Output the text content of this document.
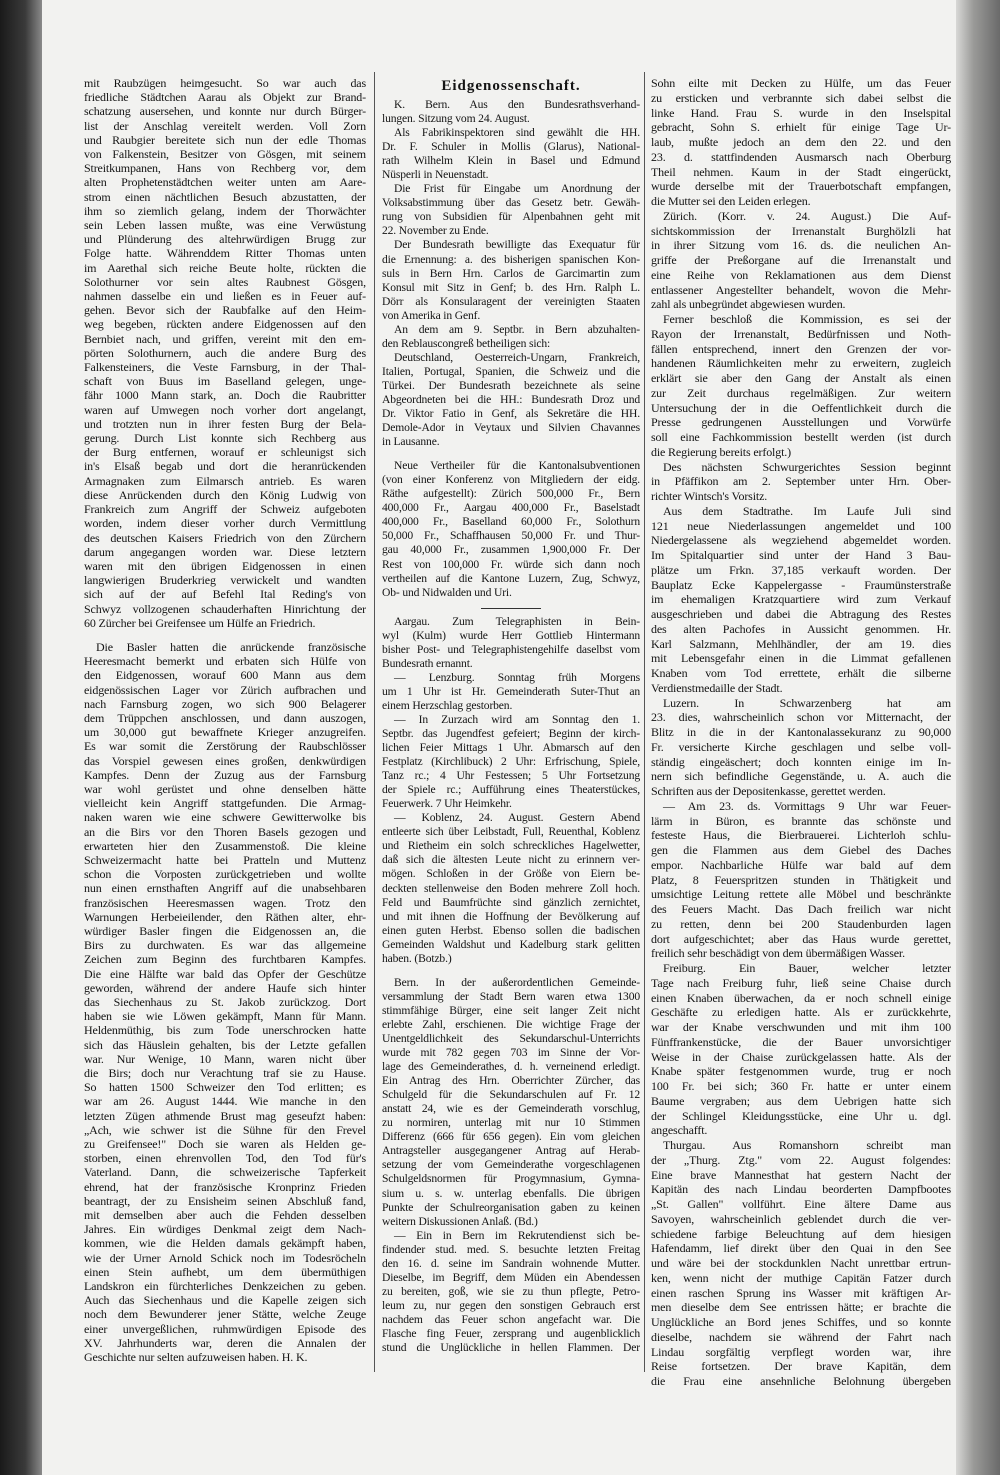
mit Raubzügen heimgesucht. So war auch das
friedliche Städtchen Aarau als Objekt zur Brand-
schatzung ausersehen, und konnte nur durch Bürger-
list der Anschlag vereitelt werden. Voll Zorn
und Raubgier bereitete sich nun der edle Thomas
von Falkenstein, Besitzer von Gösgen, mit seinem
Streitkumpanen, Hans von Rechberg vor, dem
alten Prophetenstädtchen weiter unten am Aare-
strom einen nächtlichen Besuch abzustatten, der
ihm so ziemlich gelang, indem der Thorwächter
sein Leben lassen mußte, was eine Verwüstung
und Plünderung des altehrwürdigen Brugg zur
Folge hatte. Währenddem Ritter Thomas unten
im Aarethal sich reiche Beute holte, rückten die
Solothurner vor sein altes Raubnest Gösgen,
nahmen dasselbe ein und ließen es in Feuer auf-
gehen. Bevor sich der Raubfalke auf den Heim-
weg begeben, rückten andere Eidgenossen auf den
Bernbiet nach, und griffen, vereint mit den em-
pörten Solothurnern, auch die andere Burg des
Falkensteiners, die Veste Farnsburg, in der Thal-
schaft von Buus im Baselland gelegen, unge-
fähr 1000 Mann stark, an. Doch die Raubritter
waren auf Umwegen noch vorher dort angelangt,
und trotzten nun in ihrer festen Burg der Bela-
gerung. Durch List konnte sich Rechberg aus
der Burg entfernen, worauf er schleunigst sich
in's Elsaß begab und dort die heranrückenden
Armagnaken zum Eilmarsch antrieb. Es waren
diese Anrückenden durch den König Ludwig von
Frankreich zum Angriff der Schweiz aufgeboten
worden, indem dieser vorher durch Vermittlung
des deutschen Kaisers Friedrich von den Zürchern
darum angegangen worden war. Diese letztern
waren mit den übrigen Eidgenossen in einen
langwierigen Bruderkrieg verwickelt und wandten
sich auf der auf Befehl Ital Reding's von
Schwyz vollzogenen schauderhaften Hinrichtung der
60 Zürcher bei Greifensee um Hülfe an Friedrich.
Die Basler hatten die anrückende französische
Heeresmacht bemerkt und erbaten sich Hülfe von
den Eidgenossen, worauf 600 Mann aus dem
eidgenössischen Lager vor Zürich aufbrachen und
nach Farnsburg zogen, wo sich 900 Belagerer
dem Trüppchen anschlossen, und dann auszogen,
um 30,000 gut bewaffnete Krieger anzugreifen.
Es war somit die Zerstörung der Raubschlösser
das Vorspiel gewesen eines großen, denkwürdigen
Kampfes. Denn der Zuzug aus der Farnsburg
war wohl gerüstet und ohne denselben hätte
vielleicht kein Angriff stattgefunden. Die Armag-
naken waren wie eine schwere Gewitterwolke bis
an die Birs vor den Thoren Basels gezogen und
erwarteten hier den Zusammenstoß. Die kleine
Schweizermacht hatte bei Pratteln und Muttenz
schon die Vorposten zurückgetrieben und wollte
nun einen ernsthaften Angriff auf die unabsehbaren
französischen Heeresmassen wagen. Trotz den
Warnungen Herbeieilender, den Räthen alter, ehr-
würdiger Basler fingen die Eidgenossen an, die
Birs zu durchwaten. Es war das allgemeine
Zeichen zum Beginn des furchtbaren Kampfes.
Die eine Hälfte war bald das Opfer der Geschütze
geworden, während der andere Haufe sich hinter
das Siechenhaus zu St. Jakob zurückzog. Dort
haben sie wie Löwen gekämpft, Mann für Mann.
Heldenmüthig, bis zum Tode unerschrocken hatte
sich das Häuslein gehalten, bis der Letzte gefallen
war. Nur Wenige, 10 Mann, waren nicht über
die Birs; doch nur Verachtung traf sie zu Hause.
So hatten 1500 Schweizer den Tod erlitten; es
war am 26. August 1444. Wie manche in den
letzten Zügen athmende Brust mag geseufzt haben:
„Ach, wie schwer ist die Sühne für den Frevel
zu Greifensee!" Doch sie waren als Helden ge-
storben, einen ehrenvollen Tod, den Tod für's
Vaterland. Dann, die schweizerische Tapferkeit
ehrend, hat der französische Kronprinz Frieden
beantragt, der zu Ensisheim seinen Abschluß fand,
mit demselben aber auch die Fehden desselben
Jahres. Ein würdiges Denkmal zeigt dem Nach-
kommen, wie die Helden damals gekämpft haben,
wie der Urner Arnold Schick noch im Todesröcheln
einen Stein aufhebt, um dem übermüthigen
Landskron ein fürchterliches Denkzeichen zu geben.
Auch das Siechenhaus und die Kapelle zeigen sich
noch dem Bewunderer jener Stätte, welche Zeuge
einer unvergeßlichen, ruhmwürdigen Episode des
XV. Jahrhunderts war, deren die Annalen der
Geschichte nur selten aufzuweisen haben. H. K.
Eidgenossenschaft.
K. Bern. Aus den Bundesrathsverhand-
lungen. Sitzung vom 24. August.
Als Fabrikinspektoren sind gewählt die HH.
Dr. F. Schuler in Mollis (Glarus), National-
rath Wilhelm Klein in Basel und Edmund
Nüsperli in Neuenstadt.
Die Frist für Eingabe um Anordnung der
Volksabstimmung über das Gesetz betr. Gewäh-
rung von Subsidien für Alpenbahnen geht mit
22. November zu Ende.
Der Bundesrath bewilligte das Exequatur für
die Ernennung: a. des bisherigen spanischen Kon-
suls in Bern Hrn. Carlos de Garcimartin zum
Konsul mit Sitz in Genf; b. des Hrn. Ralph L.
Dörr als Konsularagent der vereinigten Staaten
von Amerika in Genf.
An dem am 9. Septbr. in Bern abzuhalten-
den Reblauscongreß betheiligen sich:
Deutschland, Oesterreich-Ungarn, Frankreich,
Italien, Portugal, Spanien, die Schweiz und die
Türkei. Der Bundesrath bezeichnete als seine
Abgeordneten bei die HH.: Bundesrath Droz und
Dr. Viktor Fatio in Genf, als Sekretäre die HH.
Demole-Ador in Veytaux und Silvien Chavannes
in Lausanne.
Neue Vertheiler für die Kantonalsubventionen
(von einer Konferenz von Mitgliedern der eidg.
Räthe aufgestellt): Zürich 500,000 Fr., Bern
400,000 Fr., Aargau 400,000 Fr., Baselstadt
400,000 Fr., Baselland 60,000 Fr., Solothurn
50,000 Fr., Schaffhausen 50,000 Fr. und Thur-
gau 40,000 Fr., zusammen 1,900,000 Fr. Der
Rest von 100,000 Fr. würde sich dann noch
vertheilen auf die Kantone Luzern, Zug, Schwyz,
Ob- und Nidwalden und Uri.
Aargau. Zum Telegraphisten in Bein-
wyl (Kulm) wurde Herr Gottlieb Hintermann
bisher Post- und Telegraphistengehilfe daselbst vom
Bundesrath ernannt.
— Lenzburg. Sonntag früh Morgens
um 1 Uhr ist Hr. Gemeinderath Suter-Thut an
einem Herzschlag gestorben.
— In Zurzach wird am Sonntag den 1.
Septbr. das Jugendfest gefeiert; Beginn der kirch-
lichen Feier Mittags 1 Uhr. Abmarsch auf den
Festplatz (Kirchlibuck) 2 Uhr: Erfrischung, Spiele,
Tanz rc.; 4 Uhr Festessen; 5 Uhr Fortsetzung
der Spiele rc.; Aufführung eines Theaterstückes,
Feuerwerk. 7 Uhr Heimkehr.
— Koblenz, 24. August. Gestern Abend
entleerte sich über Leibstadt, Full, Reuenthal, Koblenz
und Rietheim ein solch schreckliches Hagelwetter,
daß sich die ältesten Leute nicht zu erinnern ver-
mögen. Schloßen in der Größe von Eiern be-
deckten stellenweise den Boden mehrere Zoll hoch.
Feld und Baumfrüchte sind gänzlich zernichtet,
und mit ihnen die Hoffnung der Bevölkerung auf
einen guten Herbst. Ebenso sollen die badischen
Gemeinden Waldshut und Kadelburg stark gelitten
haben. (Botzb.)
Bern. In der außerordentlichen Gemeinde-
versammlung der Stadt Bern waren etwa 1300
stimmfähige Bürger, eine seit langer Zeit nicht
erlebte Zahl, erschienen. Die wichtige Frage der
Unentgeldlichkeit des Sekundarschul-Unterrichts
wurde mit 782 gegen 703 im Sinne der Vor-
lage des Gemeinderathes, d. h. verneinend erledigt.
Ein Antrag des Hrn. Oberrichter Zürcher, das
Schulgeld für die Sekundarschulen auf Fr. 12
anstatt 24, wie es der Gemeinderath vorschlug,
zu normiren, unterlag mit nur 10 Stimmen
Differenz (666 für 656 gegen). Ein vom gleichen
Antragsteller ausgegangener Antrag auf Herab-
setzung der vom Gemeinderathe vorgeschlagenen
Schulgeldsnormen für Progymnasium, Gymna-
sium u. s. w. unterlag ebenfalls. Die übrigen
Punkte der Schulreorganisation gaben zu keinen
weitern Diskussionen Anlaß. (Bd.)
— Ein in Bern im Rekrutendienst sich be-
findender stud. med. S. besuchte letzten Freitag
den 16. d. seine im Sandrain wohnende Mutter.
Dieselbe, im Begriff, dem Müden ein Abendessen
zu bereiten, goß, wie sie zu thun pflegte, Petro-
leum zu, nur gegen den sonstigen Gebrauch erst
nachdem das Feuer schon angefacht war. Die
Flasche fing Feuer, zersprang und augenblicklich
stund die Unglückliche in hellen Flammen. Der
Sohn eilte mit Decken zu Hülfe, um das Feuer
zu ersticken und verbrannte sich dabei selbst die
linke Hand. Frau S. wurde in den Inselspital
gebracht, Sohn S. erhielt für einige Tage Ur-
laub, mußte jedoch an dem den 22. und den
23. d. stattfindenden Ausmarsch nach Oberburg
Theil nehmen. Kaum in der Stadt eingerückt,
wurde derselbe mit der Trauerbotschaft empfangen,
die Mutter sei den Leiden erlegen.
Zürich. (Korr. v. 24. August.) Die Auf-
sichtskommission der Irrenanstalt Burghölzli hat
in ihrer Sitzung vom 16. ds. die neulichen An-
griffe der Preßorgane auf die Irrenanstalt und
eine Reihe von Reklamationen aus dem Dienst
entlassener Angestellter behandelt, wovon die Mehr-
zahl als unbegründet abgewiesen wurden.
Ferner beschloß die Kommission, es sei der
Rayon der Irrenanstalt, Bedürfnissen und Noth-
fällen entsprechend, innert den Grenzen der vor-
handenen Räumlichkeiten mehr zu erweitern, zugleich
erklärt sie aber den Gang der Anstalt als einen
zur Zeit durchaus regelmäßigen. Zur weitern
Untersuchung der in die Oeffentlichkeit durch die
Presse gedrungenen Ausstellungen und Vorwürfe
soll eine Fachkommission bestellt werden (ist durch
die Regierung bereits erfolgt.)
Des nächsten Schwurgerichtes Session beginnt
in Pfäffikon am 2. September unter Hrn. Ober-
richter Wintsch's Vorsitz.
Aus dem Stadtrathe. Im Laufe Juli sind
121 neue Niederlassungen angemeldet und 100
Niedergelassene als wegziehend abgemeldet worden.
Im Spitalquartier sind unter der Hand 3 Bau-
plätze um Frkn. 37,185 verkauft worden. Der
Bauplatz Ecke Kappelergasse - Fraumünsterstraße
im ehemaligen Kratzquartiere wird zum Verkauf
ausgeschrieben und dabei die Abtragung des Restes
des alten Pachofes in Aussicht genommen. Hr.
Karl Salzmann, Mehlhändler, der am 19. dies
mit Lebensgefahr einen in die Limmat gefallenen
Knaben vom Tod errettete, erhält die silberne
Verdienstmedaille der Stadt.
Luzern. In Schwarzenberg hat am
23. dies, wahrscheinlich schon vor Mitternacht, der
Blitz in die in der Kantonalassekuranz zu 90,000
Fr. versicherte Kirche geschlagen und selbe voll-
ständig eingeäschert; doch konnten einige im In-
nern sich befindliche Gegenstände, u. A. auch die
Schriften aus der Depositenkasse, gerettet werden.
— Am 23. ds. Vormittags 9 Uhr war Feuer-
lärm in Büron, es brannte das schönste und
festeste Haus, die Bierbrauerei. Lichterloh schlu-
gen die Flammen aus dem Giebel des Daches
empor. Nachbarliche Hülfe war bald auf dem
Platz, 8 Feuerspritzen stunden in Thätigkeit und
umsichtige Leitung rettete alle Möbel und beschränkte
des Feuers Macht. Das Dach freilich war nicht
zu retten, denn bei 200 Staudenburden lagen
dort aufgeschichtet; aber das Haus wurde gerettet,
freilich sehr beschädigt von dem übermäßigen Wasser.
Freiburg. Ein Bauer, welcher letzter
Tage nach Freiburg fuhr, ließ seine Chaise durch
einen Knaben überwachen, da er noch schnell einige
Geschäfte zu erledigen hatte. Als er zurückkehrte,
war der Knabe verschwunden und mit ihm 100
Fünffrankenstücke, die der Bauer unvorsichtiger
Weise in der Chaise zurückgelassen hatte. Als der
Knabe später festgenommen wurde, trug er noch
100 Fr. bei sich; 360 Fr. hatte er unter einem
Baume vergraben; aus dem Uebrigen hatte sich
der Schlingel Kleidungsstücke, eine Uhr u. dgl.
angeschafft.
Thurgau. Aus Romanshorn schreibt man
der „Thurg. Ztg." vom 22. August folgendes:
Eine brave Mannesthat hat gestern Nacht der
Kapitän des nach Lindau beorderten Dampfbootes
„St. Gallen" vollführt. Eine ältere Dame aus
Savoyen, wahrscheinlich geblendet durch die ver-
schiedene farbige Beleuchtung auf dem hiesigen
Hafendamm, lief direkt über den Quai in den See
und wäre bei der stockdunklen Nacht unrettbar ertrun-
ken, wenn nicht der muthige Capitän Fatzer durch
einen raschen Sprung ins Wasser mit kräftigen Ar-
men dieselbe dem See entrissen hätte; er brachte die
Unglückliche an Bord jenes Schiffes, und so konnte
dieselbe, nachdem sie während der Fahrt nach
Lindau sorgfältig verpflegt worden war, ihre
Reise fortsetzen. Der brave Kapitän, dem
die Frau eine ansehnliche Belohnung übergeben
